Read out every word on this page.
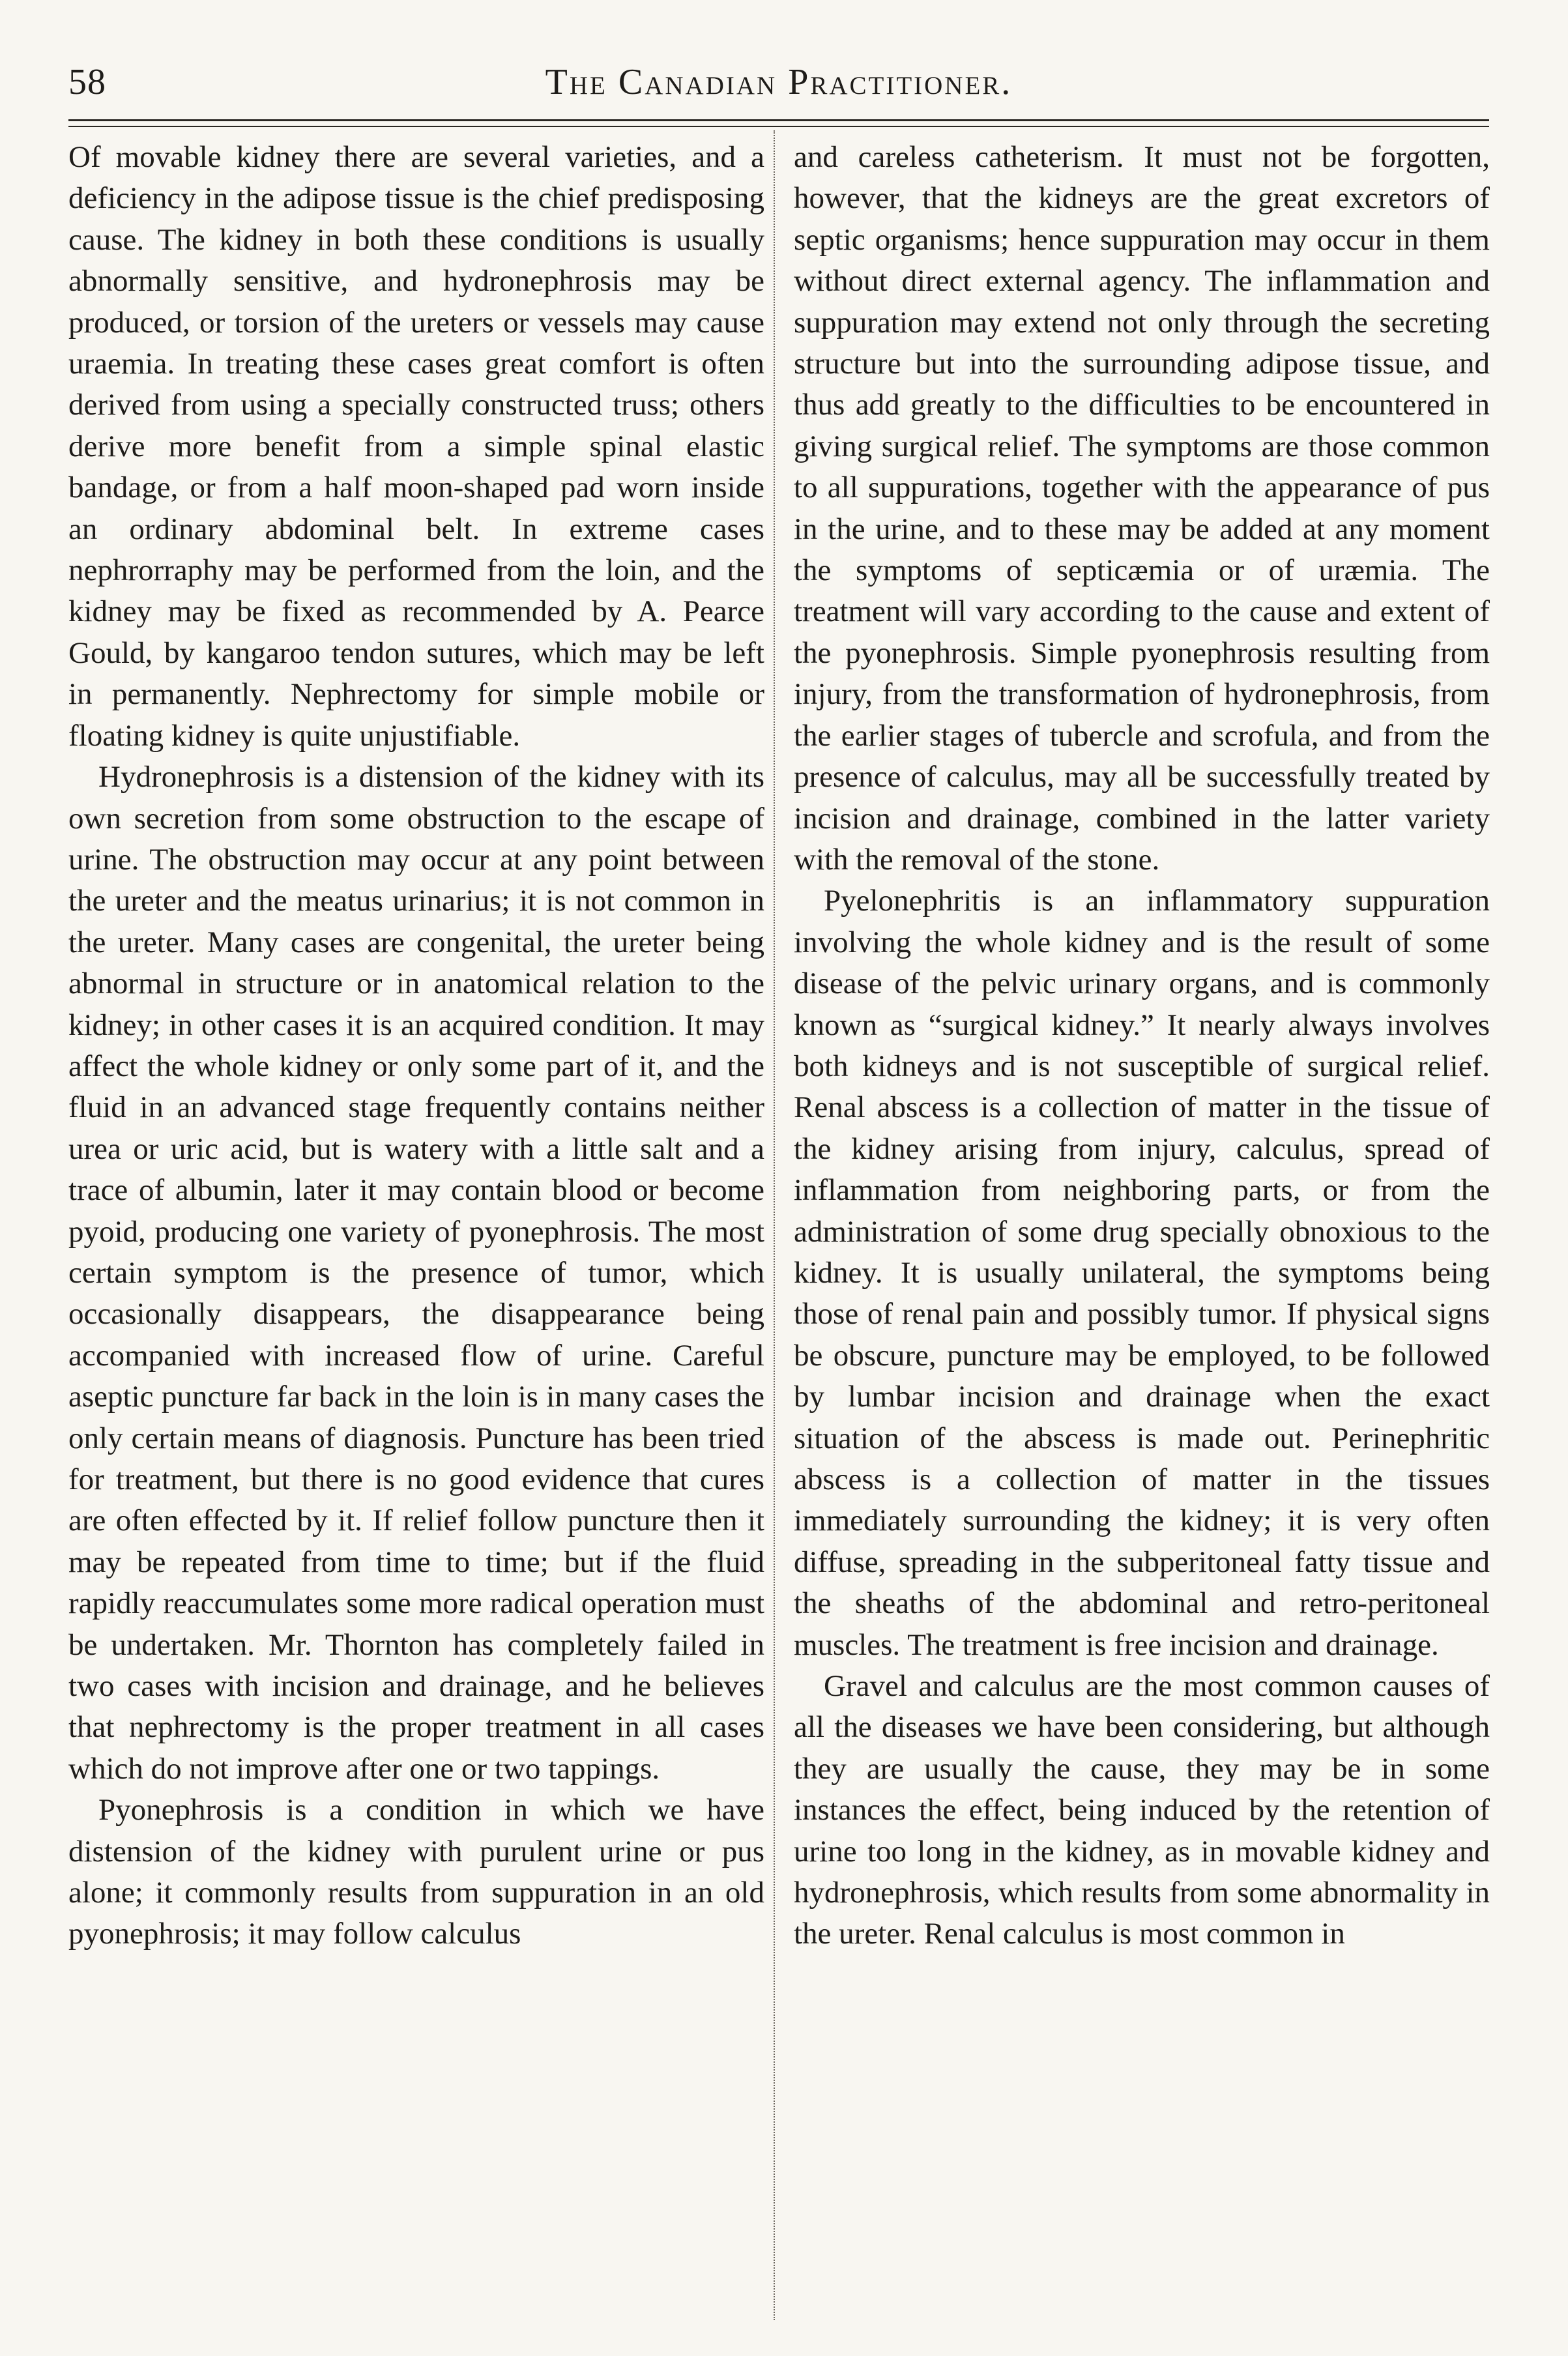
58	The Canadian Practitioner.

Of movable kidney there are several varieties, and a deficiency in the adipose tissue is the chief predisposing cause. The kidney in both these conditions is usually abnormally sensitive, and hydronephrosis may be produced, or torsion of the ureters or vessels may cause uraemia. In treating these cases great comfort is often derived from using a specially constructed truss; others derive more benefit from a simple spinal elastic bandage, or from a half moon-shaped pad worn inside an ordinary abdominal belt. In extreme cases nephrorraphy may be performed from the loin, and the kidney may be fixed as recommended by A. Pearce Gould, by kangaroo tendon sutures, which may be left in permanently. Nephrectomy for simple mobile or floating kidney is quite unjustifiable.

Hydronephrosis is a distension of the kidney with its own secretion from some obstruction to the escape of urine. The obstruction may occur at any point between the ureter and the meatus urinarius; it is not common in the ureter. Many cases are congenital, the ureter being abnormal in structure or in anatomical relation to the kidney; in other cases it is an acquired condition. It may affect the whole kidney or only some part of it, and the fluid in an advanced stage frequently contains neither urea or uric acid, but is watery with a little salt and a trace of albumin, later it may contain blood or become pyoid, producing one variety of pyonephrosis. The most certain symptom is the presence of tumor, which occasionally disappears, the disappearance being accompanied with increased flow of urine. Careful aseptic puncture far back in the loin is in many cases the only certain means of diagnosis. Puncture has been tried for treatment, but there is no good evidence that cures are often effected by it. If relief follow puncture then it may be repeated from time to time; but if the fluid rapidly reaccumulates some more radical operation must be undertaken. Mr. Thornton has completely failed in two cases with incision and drainage, and he believes that nephrectomy is the proper treatment in all cases which do not improve after one or two tappings.

Pyonephrosis is a condition in which we have distension of the kidney with purulent urine or pus alone; it commonly results from suppuration in an old pyonephrosis; it may follow calculus

and careless catheterism. It must not be forgotten, however, that the kidneys are the great excretors of septic organisms; hence suppuration may occur in them without direct external agency. The inflammation and suppuration may extend not only through the secreting structure but into the surrounding adipose tissue, and thus add greatly to the difficulties to be encountered in giving surgical relief. The symptoms are those common to all suppurations, together with the appearance of pus in the urine, and to these may be added at any moment the symptoms of septicæmia or of uræmia. The treatment will vary according to the cause and extent of the pyonephrosis. Simple pyonephrosis resulting from injury, from the transformation of hydronephrosis, from the earlier stages of tubercle and scrofula, and from the presence of calculus, may all be successfully treated by incision and drainage, combined in the latter variety with the removal of the stone.

Pyelonephritis is an inflammatory suppuration involving the whole kidney and is the result of some disease of the pelvic urinary organs, and is commonly known as “surgical kidney.” It nearly always involves both kidneys and is not susceptible of surgical relief. Renal abscess is a collection of matter in the tissue of the kidney arising from injury, calculus, spread of inflammation from neighboring parts, or from the administration of some drug specially obnoxious to the kidney. It is usually unilateral, the symptoms being those of renal pain and possibly tumor. If physical signs be obscure, puncture may be employed, to be followed by lumbar incision and drainage when the exact situation of the abscess is made out. Perinephritic abscess is a collection of matter in the tissues immediately surrounding the kidney; it is very often diffuse, spreading in the subperitoneal fatty tissue and the sheaths of the abdominal and retro-peritoneal muscles. The treatment is free incision and drainage.

Gravel and calculus are the most common causes of all the diseases we have been considering, but although they are usually the cause, they may be in some instances the effect, being induced by the retention of urine too long in the kidney, as in movable kidney and hydronephrosis, which results from some abnormality in the ureter. Renal calculus is most common in
